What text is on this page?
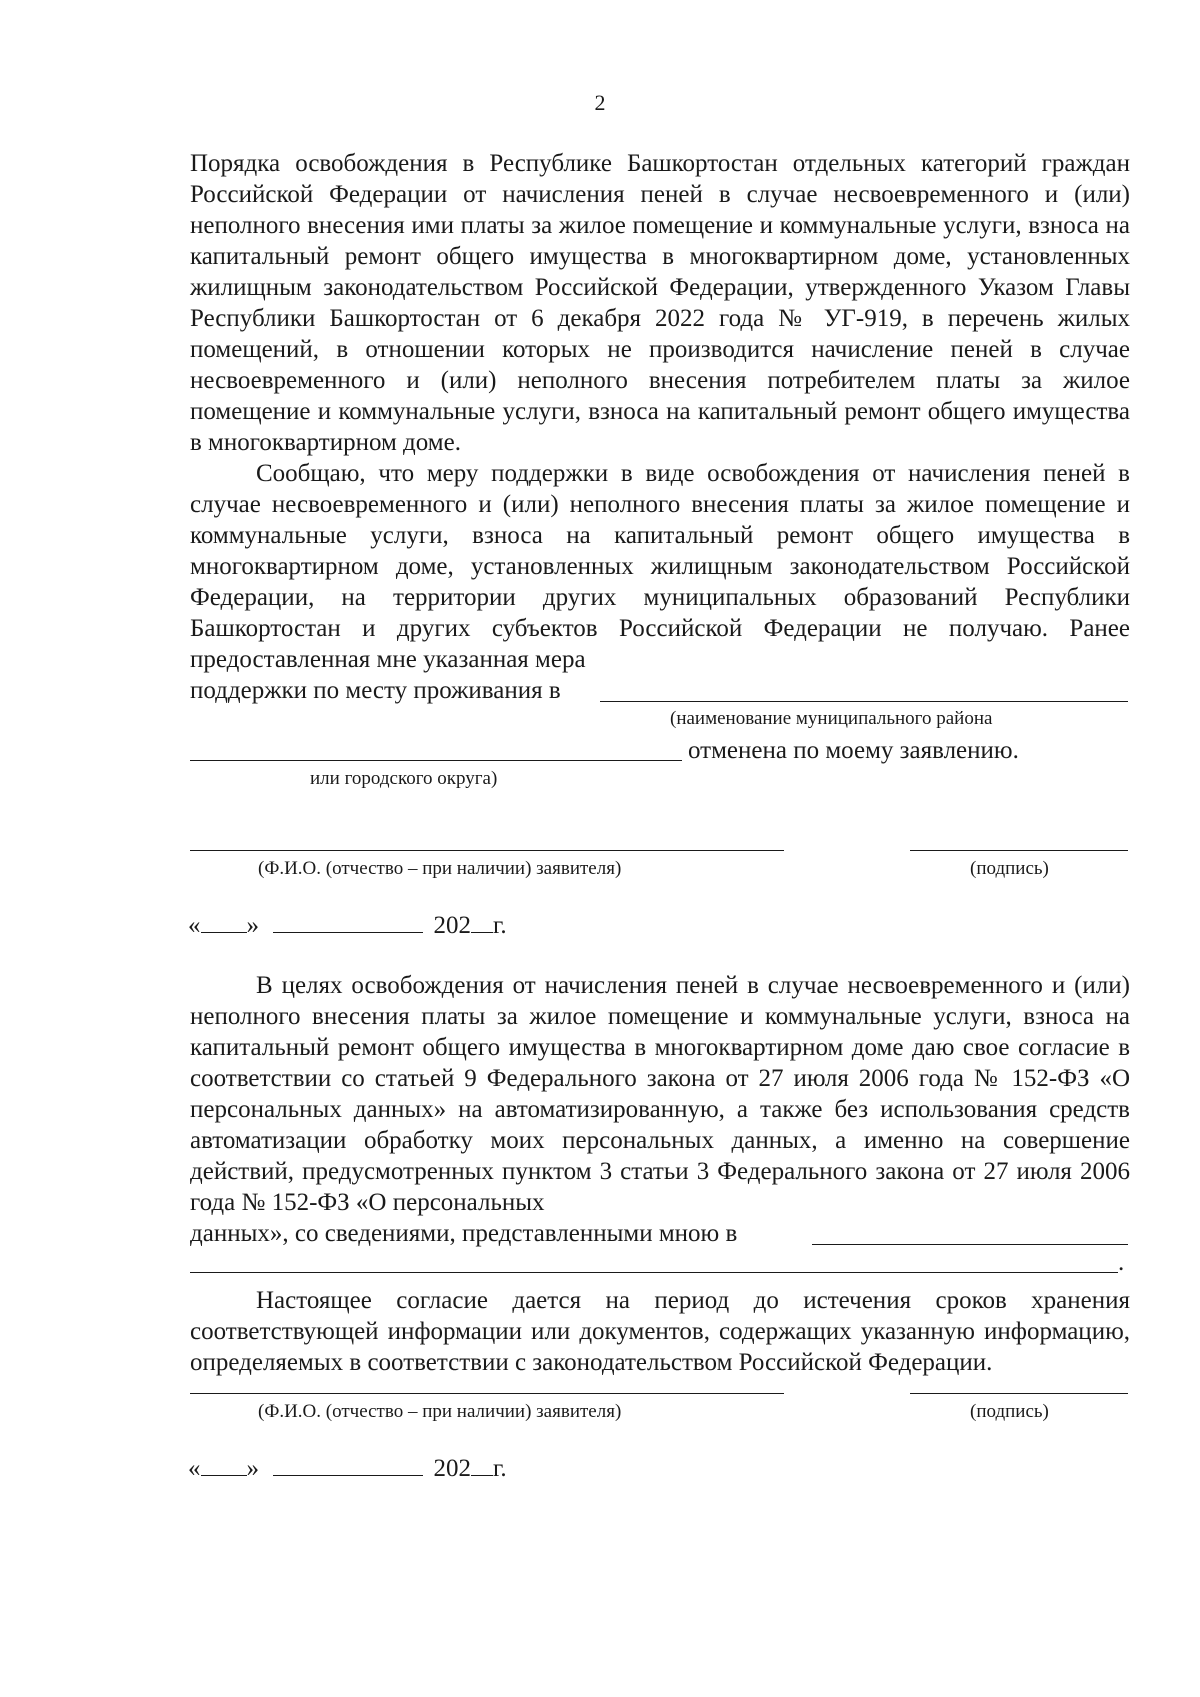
2
Порядка освобождения в Республике Башкортостан отдельных категорий граждан Российской Федерации от начисления пеней в случае несвоевременного и (или) неполного внесения ими платы за жилое помещение и коммунальные услуги, взноса на капитальный ремонт общего имущества в многоквартирном доме, установленных жилищным законодательством Российской Федерации, утвержденного Указом Главы Республики Башкортостан от 6 декабря 2022 года № УГ-919, в перечень жилых помещений, в отношении которых не производится начисление пеней в случае несвоевременного и (или) неполного внесения потребителем платы за жилое помещение и коммунальные услуги, взноса на капитальный ремонт общего имущества в многоквартирном доме.
Сообщаю, что меру поддержки в виде освобождения от начисления пеней в случае несвоевременного и (или) неполного внесения платы за жилое помещение и коммунальные услуги, взноса на капитальный ремонт общего имущества в многоквартирном доме, установленных жилищным законодательством Российской Федерации, на территории других муниципальных образований Республики Башкортостан и других субъектов Российской Федерации не получаю. Ранее предоставленная мне указанная мера
поддержки по месту проживания в
(наименование муниципального района
отменена по моему заявлению.
или городского округа)
(Ф.И.О. (отчество – при наличии) заявителя)	(подпись)
« »	202 г.
В целях освобождения от начисления пеней в случае несвоевременного и (или) неполного внесения платы за жилое помещение и коммунальные услуги, взноса на капитальный ремонт общего имущества в многоквартирном доме даю свое согласие в соответствии со статьей 9 Федерального закона от 27 июля 2006 года № 152-ФЗ «О персональных данных» на автоматизированную, а также без использования средств автоматизации обработку моих персональных данных, а именно на совершение действий, предусмотренных пунктом 3 статьи 3 Федерального закона от 27 июля 2006 года № 152-ФЗ «О персональных
данных», со сведениями, представленными мною в
.
Настоящее согласие дается на период до истечения сроков хранения соответствующей информации или документов, содержащих указанную информацию, определяемых в соответствии с законодательством Российской Федерации.
(Ф.И.О. (отчество – при наличии) заявителя)	(подпись)
« »	202 г.
